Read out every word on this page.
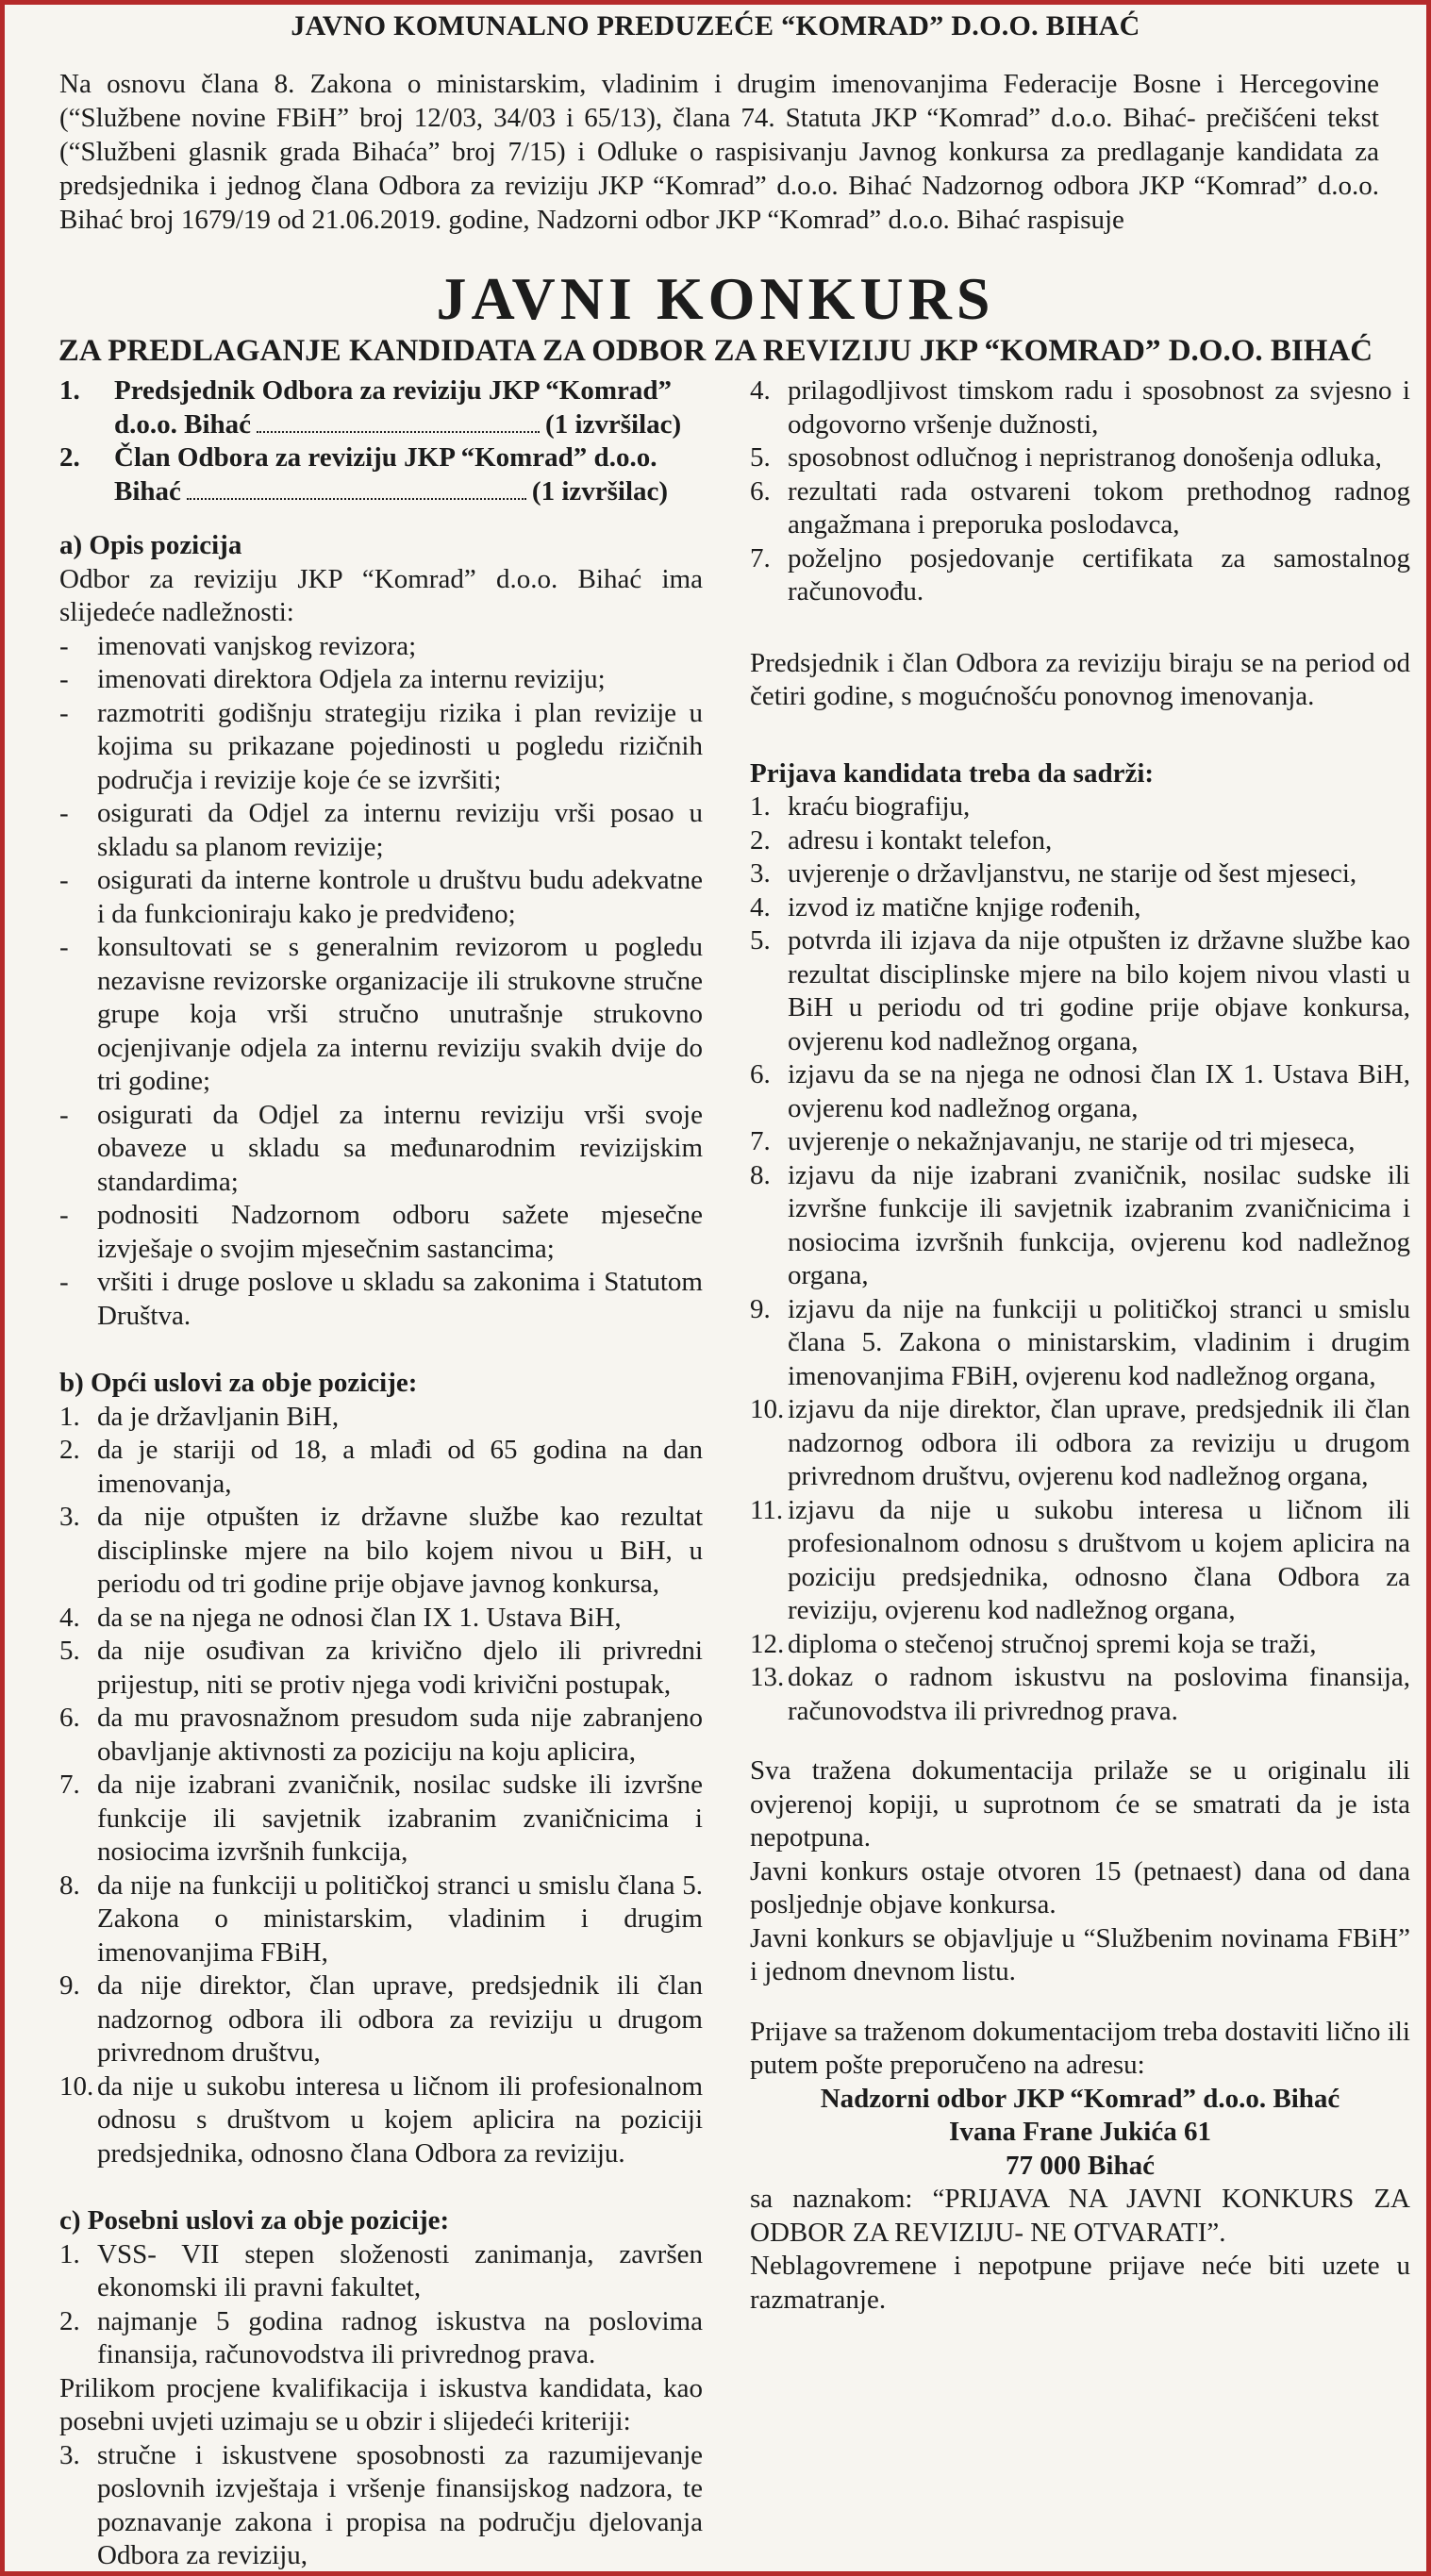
JAVNO KOMUNALNO PREDUZEĆE “KOMRAD” D.O.O. BIHAĆ
Na osnovu člana 8. Zakona o ministarskim, vladinim i drugim imenovanjima Federacije Bosne i Hercegovine (“Službene novine FBiH” broj 12/03, 34/03 i 65/13), člana 74. Statuta JKP “Komrad” d.o.o. Bihać- prečišćeni tekst (“Službeni glasnik grada Bihaća” broj 7/15) i Odluke o raspisivanju Javnog konkursa za predlaganje kandidata za predsjednika i jednog člana Odbora za reviziju JKP “Komrad” d.o.o. Bihać Nadzornog odbora JKP “Komrad” d.o.o. Bihać broj 1679/19 od 21.06.2019. godine, Nadzorni odbor JKP “Komrad” d.o.o. Bihać raspisuje
JAVNI KONKURS
ZA PREDLAGANJE KANDIDATA ZA ODBOR ZA REVIZIJU JKP “KOMRAD” D.O.O. BIHAĆ
1.	Predsjednik Odbora za reviziju JKP “Komrad”
d.o.o. Bihać	(1 izvršilac)
2.	Član Odbora za reviziju JKP “Komrad” d.o.o.
Bihać	(1 izvršilac)
a) Opis pozicija
Odbor za reviziju JKP “Komrad” d.o.o. Bihać ima slijedeće nadležnosti:
-	imenovati vanjskog revizora;
-	imenovati direktora Odjela za internu reviziju;
-	razmotriti godišnju strategiju rizika i plan revizije u kojima su prikazane pojedinosti u pogledu rizičnih područja i revizije koje će se izvršiti;
-	osigurati da Odjel za internu reviziju vrši posao u skladu sa planom revizije;
-	osigurati da interne kontrole u društvu budu adekvatne i da funkcioniraju kako je predviđeno;
-	konsultovati se s generalnim revizorom u pogledu nezavisne revizorske organizacije ili strukovne stručne grupe koja vrši stručno unutrašnje strukovno ocjenjivanje odjela za internu reviziju svakih dvije do tri godine;
-	osigurati da Odjel za internu reviziju vrši svoje obaveze u skladu sa međunarodnim revizijskim standardima;
-	podnositi Nadzornom odboru sažete mjesečne izvješaje o svojim mjesečnim sastancima;
-	vršiti i druge poslove u skladu sa zakonima i Statutom Društva.
b) Opći uslovi za obje pozicije:
1. da je državljanin BiH,
2. da je stariji od 18, a mlađi od 65 godina na dan imenovanja,
3. da nije otpušten iz državne službe kao rezultat disciplinske mjere na bilo kojem nivou u BiH, u periodu od tri godine prije objave javnog konkursa,
4. da se na njega ne odnosi član IX 1. Ustava BiH,
5. da nije osuđivan za krivično djelo ili privredni prijestup, niti se protiv njega vodi krivični postupak,
6. da mu pravosnažnom presudom suda nije zabranjeno obavljanje aktivnosti za poziciju na koju aplicira,
7. da nije izabrani zvaničnik, nosilac sudske ili izvršne funkcije ili savjetnik izabranim zvaničnicima i nosiocima izvršnih funkcija,
8. da nije na funkciji u političkoj stranci u smislu člana 5. Zakona o ministarskim, vladinim i drugim imenovanjima FBiH,
9. da nije direktor, član uprave, predsjednik ili član nadzornog odbora ili odbora za reviziju u drugom privrednom društvu,
10. da nije u sukobu interesa u ličnom ili profesionalnom odnosu s društvom u kojem aplicira na poziciji predsjednika, odnosno člana Odbora za reviziju.
c) Posebni uslovi za obje pozicije:
1. VSS- VII stepen složenosti zanimanja, završen ekonomski ili pravni fakultet,
2. najmanje 5 godina radnog iskustva na poslovima finansija, računovodstva ili privrednog prava.
Prilikom procjene kvalifikacija i iskustva kandidata, kao posebni uvjeti uzimaju se u obzir i slijedeći kriteriji:
3. stručne i iskustvene sposobnosti za razumijevanje poslovnih izvještaja i vršenje finansijskog nadzora, te poznavanje zakona i propisa na području djelovanja Odbora za reviziju,
4. prilagodljivost timskom radu i sposobnost za svjesno i odgovorno vršenje dužnosti,
5. sposobnost odlučnog i nepristranog donošenja odluka,
6. rezultati rada ostvareni tokom prethodnog radnog angažmana i preporuka poslodavca,
7. poželjno posjedovanje certifikata za samostalnog računovođu.
Predsjednik i član Odbora za reviziju biraju se na period od četiri godine, s mogućnošću ponovnog imenovanja.
Prijava kandidata treba da sadrži:
1. kraću biografiju,
2. adresu i kontakt telefon,
3. uvjerenje o državljanstvu, ne starije od šest mjeseci,
4. izvod iz matične knjige rođenih,
5. potvrda ili izjava da nije otpušten iz državne službe kao rezultat disciplinske mjere na bilo kojem nivou vlasti u BiH u periodu od tri godine prije objave konkursa, ovjerenu kod nadležnog organa,
6. izjavu da se na njega ne odnosi član IX 1. Ustava BiH, ovjerenu kod nadležnog organa,
7. uvjerenje o nekažnjavanju, ne starije od tri mjeseca,
8. izjavu da nije izabrani zvaničnik, nosilac sudske ili izvršne funkcije ili savjetnik izabranim zvaničnicima i nosiocima izvršnih funkcija, ovjerenu kod nadležnog organa,
9. izjavu da nije na funkciji u političkoj stranci u smislu člana 5. Zakona o ministarskim, vladinim i drugim imenovanjima FBiH, ovjerenu kod nadležnog organa,
10. izjavu da nije direktor, član uprave, predsjednik ili član nadzornog odbora ili odbora za reviziju u drugom privrednom društvu, ovjerenu kod nadležnog organa,
11. izjavu da nije u sukobu interesa u ličnom ili profesionalnom odnosu s društvom u kojem aplicira na poziciju predsjednika, odnosno člana Odbora za reviziju, ovjerenu kod nadležnog organa,
12. diploma o stečenoj stručnoj spremi koja se traži,
13. dokaz o radnom iskustvu na poslovima finansija, računovodstva ili privrednog prava.
Sva tražena dokumentacija prilaže se u originalu ili ovjerenoj kopiji, u suprotnom će se smatrati da je ista nepotpuna.
Javni konkurs ostaje otvoren 15 (petnaest) dana od dana posljednje objave konkursa.
Javni konkurs se objavljuje u “Službenim novinama FBiH” i jednom dnevnom listu.
Prijave sa traženom dokumentacijom treba dostaviti lično ili putem pošte preporučeno na adresu:
Nadzorni odbor JKP “Komrad” d.o.o. Bihać
Ivana Frane Jukića 61
77 000 Bihać
sa naznakom: “PRIJAVA NA JAVNI KONKURS ZA ODBOR ZA REVIZIJU- NE OTVARATI”.
Neblagovremene i nepotpune prijave neće biti uzete u razmatranje.
